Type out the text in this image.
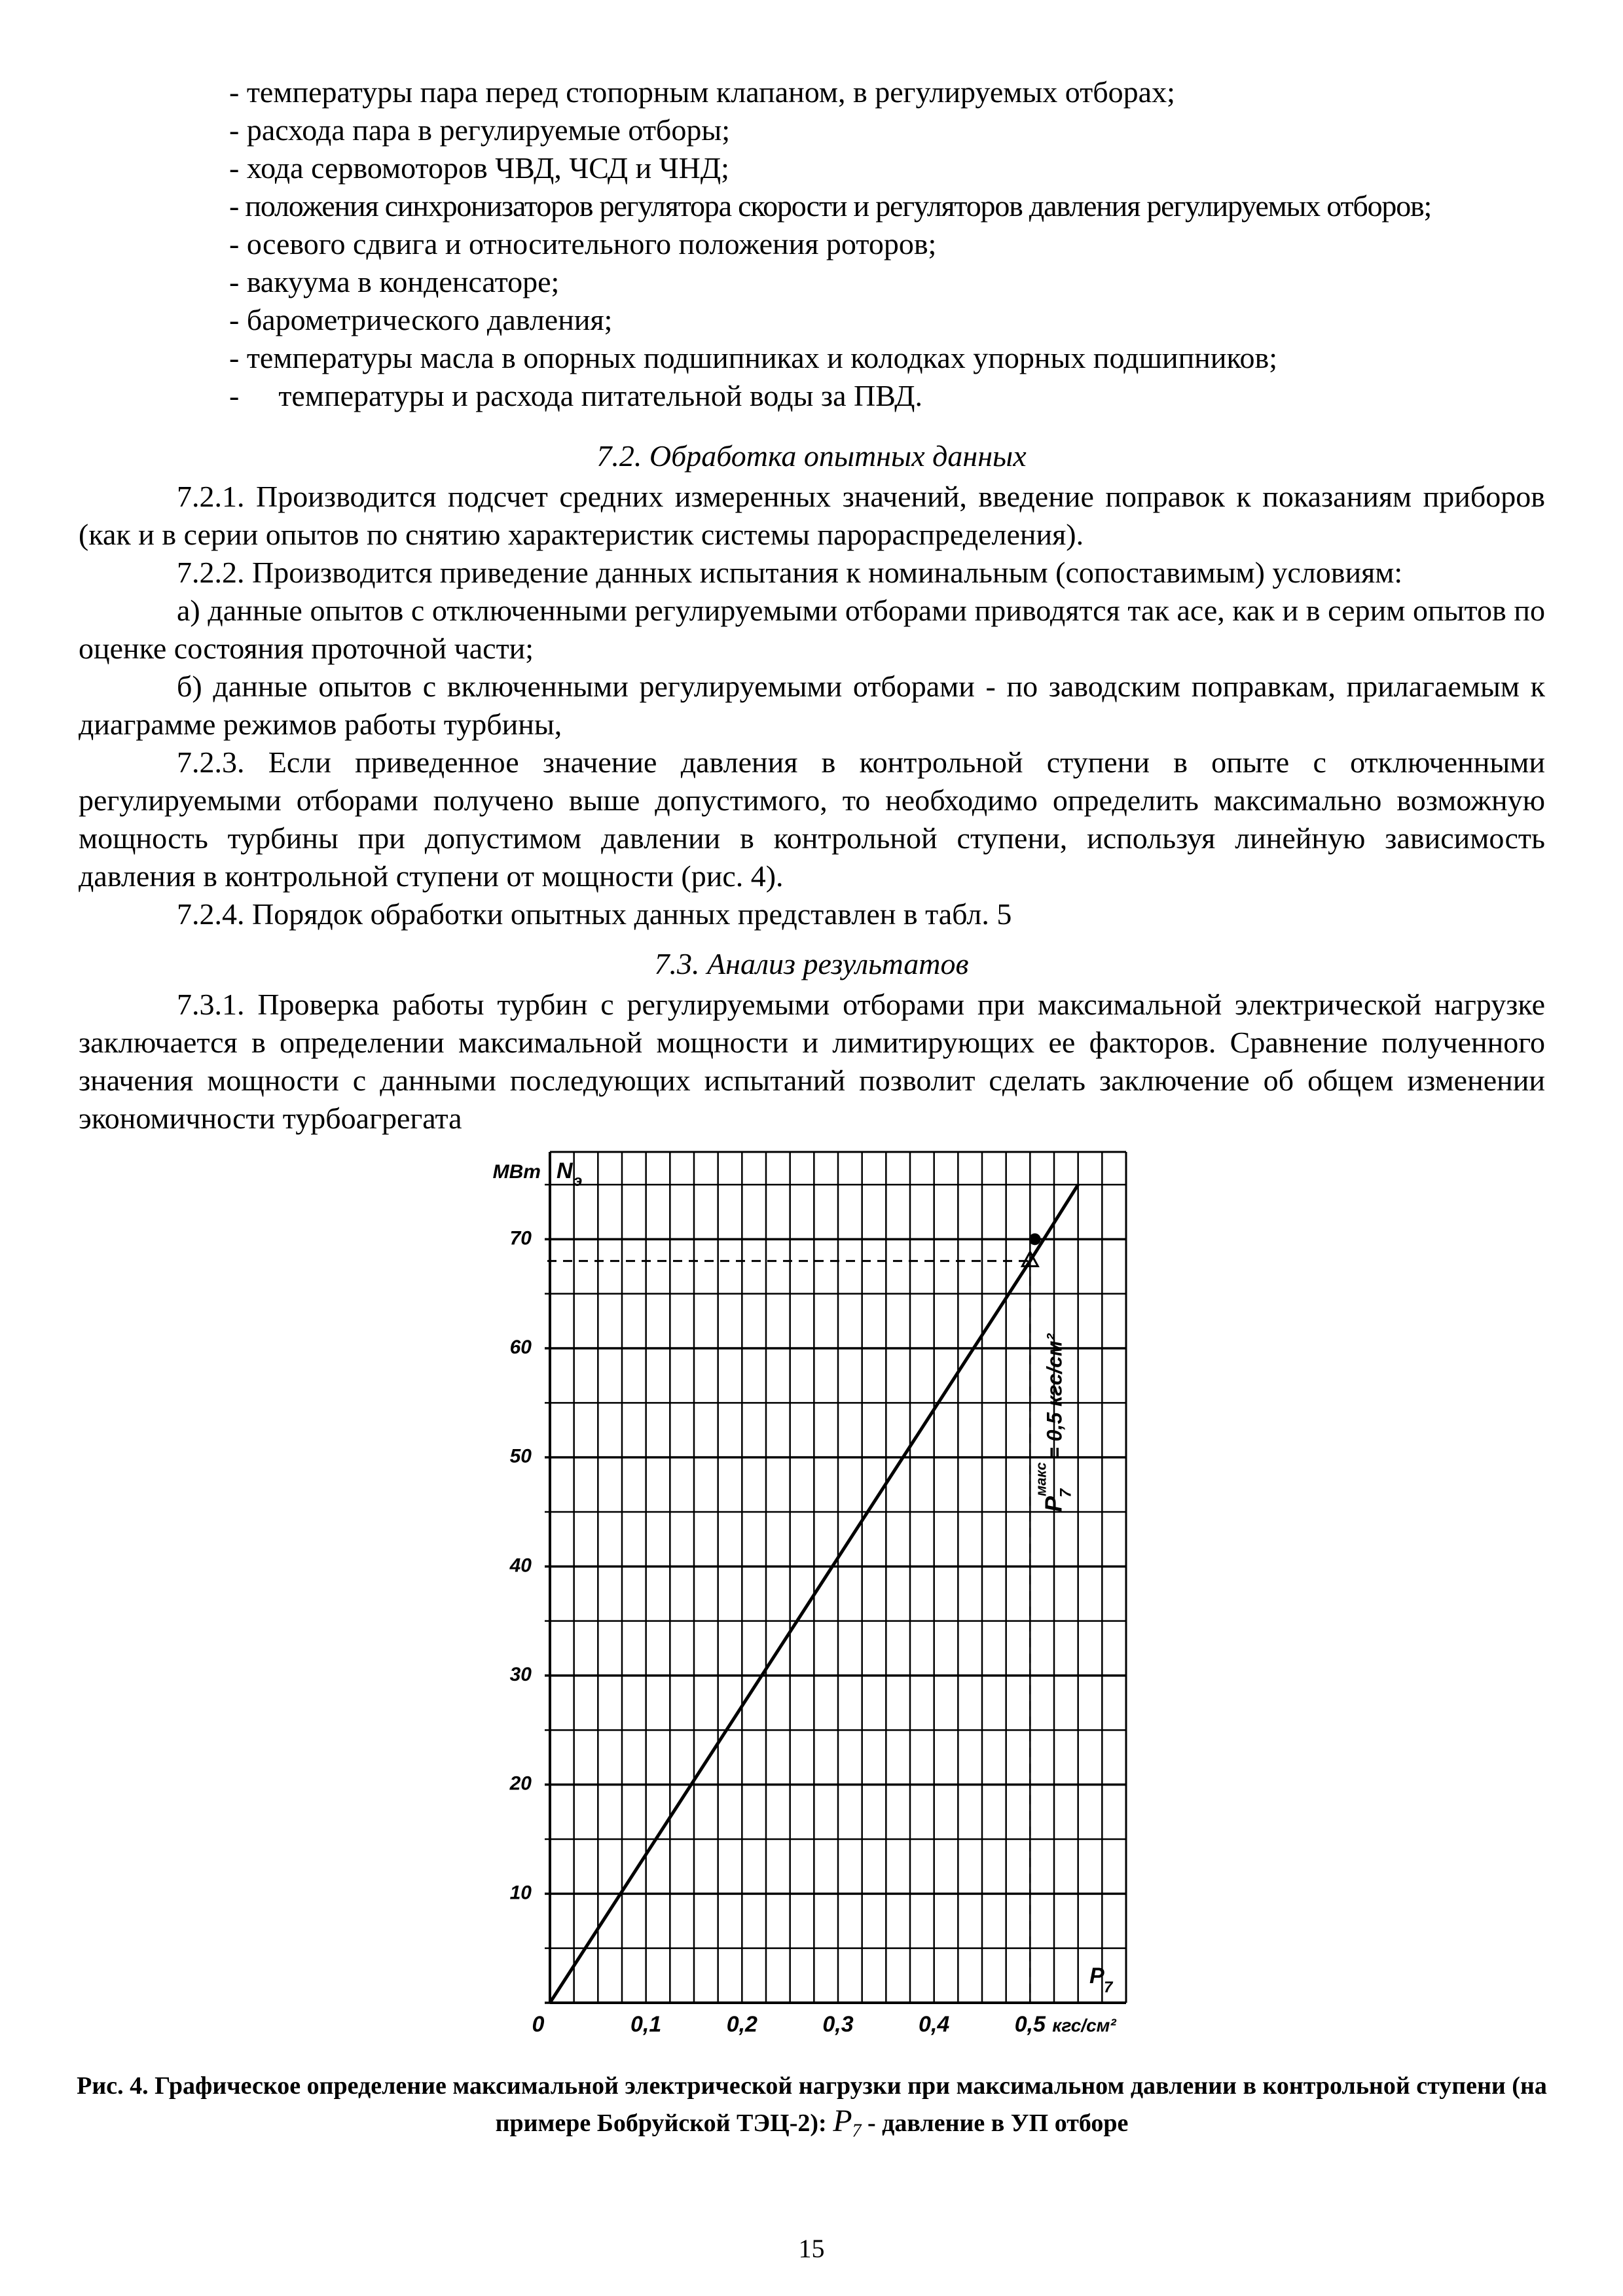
- температуры пара перед стопорным клапаном, в регулируемых отборах;
- расхода пара в регулируемые отборы;
- хода сервомоторов ЧВД, ЧСД и ЧНД;
- положения синхронизаторов регулятора скорости и регуляторов давления регулируемых отборов;
- осевого сдвига и относительного положения роторов;
- вакуума в конденсаторе;
- барометрического давления;
- температуры масла в опорных подшипниках и колодках упорных подшипников;
- температуры и расхода питательной воды за ПВД.
7.2. Обработка опытных данных

7.2.1. Производится подсчет средних измеренных значений, введение поправок к показаниям приборов (как и в серии опытов по снятию характеристик системы парораспределения).

7.2.2. Производится приведение данных испытания к номинальным (сопоставимым) условиям:

а) данные опытов с отключенными регулируемыми отборами приводятся так асе, как и в серим опытов по оценке состояния проточной части;

б) данные опытов с включенными регулируемыми отборами - по заводским поправкам, прилагаемым к диаграмме режимов работы турбины,

7.2.3. Если приведенное значение давления в контрольной ступени в опыте с отключенными регулируемыми отборами получено выше допустимого, то необходимо определить максимально возможную мощность турбины при допустимом давлении в контрольной ступени, используя линейную зависимость давления в контрольной ступени от мощности (рис. 4).

7.2.4. Порядок обработки опытных данных представлен в табл. 5

7.3. Анализ результатов

7.3.1. Проверка работы турбин с регулируемыми отборами при максимальной электрической нагрузке заключается в определении максимальной мощности и лимитирующих ее факторов. Сравнение полученного значения мощности с данными последующих испытаний позволит сделать заключение об общем изменении экономичности турбоагрегата

10
20
30
40
50
60
70
0	0,1	0,2	0,3	0,4	0,5
МВт N э
P 7
кгс/см²
P
7
макс
= 0,5 кгс/см²
Рис. 4. Графическое определение максимальной электрической нагрузки при максимальном давлении в контрольной ступени (на примере Бобруйской ТЭЦ-2): $P_7$ - давление в УП отборе
15
